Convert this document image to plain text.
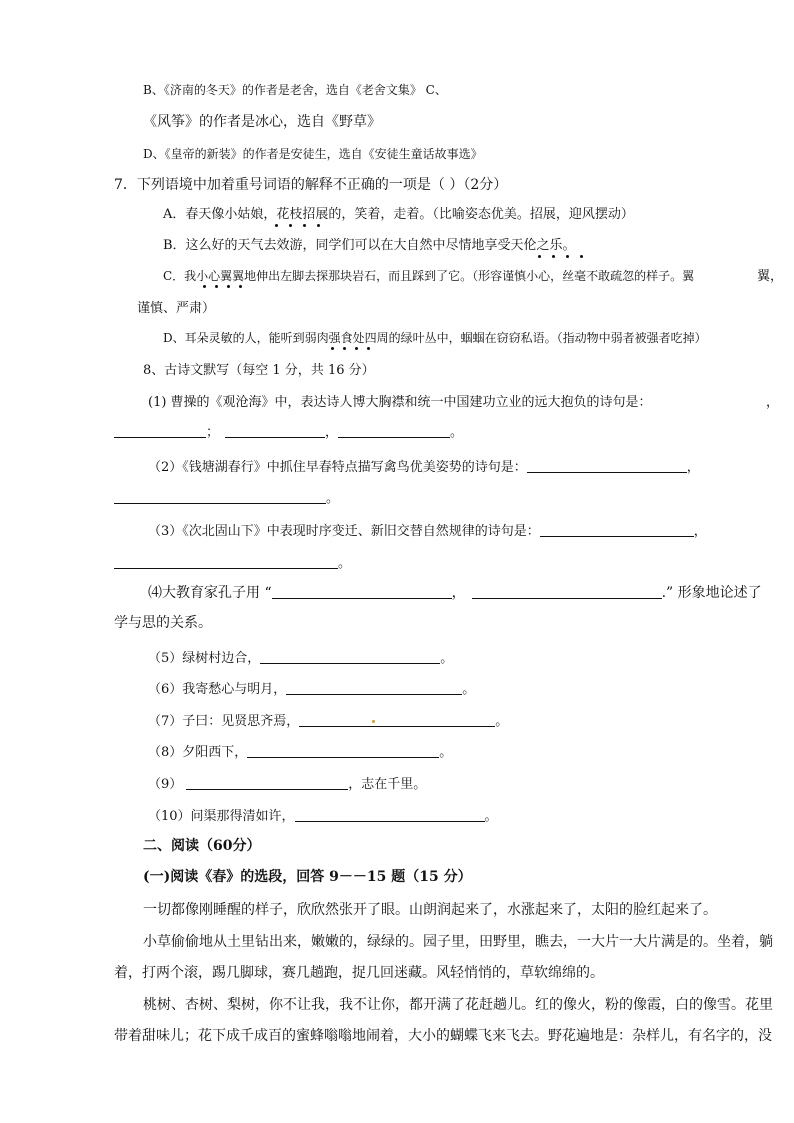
B、《济南的冬天》的作者是老舍，选自《老舍文集》 C、
《风筝》的作者是冰心，选自《野草》
D、《皇帝的新装》的作者是安徒生，选自《安徒生童话故事选》
7．下列语境中加着重号词语的解释不正确的一项是（ ）（2分）
A．春天像小姑娘，花枝招展的，笑着，走着。（比喻姿态优美。招展，迎风摆动）
B．这么好的天气去效游，同学们可以在大自然中尽情地享受天伦之乐。
C．我小心翼翼地伸出左脚去探那块岩石，而且踩到了它。（形容谨慎小心，丝毫不敢疏忽的样子。翼	翼，
谨慎、严肃）
D、耳朵灵敏的人，能听到弱肉强食处四周的绿叶丛中，蝈蝈在窃窃私语。（指动物中弱者被强者吃掉）
8、古诗文默写（每空 1 分，共 16 分）
(1) 曹操的《观沧海》中，表达诗人博大胸襟和统一中国建功立业的远大抱负的诗句是：	，
；	，	。
（2）《钱塘湖春行》中抓住早春特点描写禽鸟优美姿势的诗句是：	，
。
（3）《次北固山下》中表现时序变迁、新旧交替自然规律的诗句是：	，
。
⑷大教育家孔子用 “	，	.” 形象地论述了
学与思的关系。
（5）绿树村边合，	。
（6）我寄愁心与明月，	。
（7）子曰：见贤思齐焉，	。
（8）夕阳西下，	。
（9）	，志在千里。
（10）问渠那得清如许，	。
二、阅读（60分）
(一)阅读《春》的选段，回答 9－－15 题（15 分）
一切都像刚睡醒的样子，欣欣然张开了眼。山朗润起来了，水涨起来了，太阳的脸红起来了。
小草偷偷地从土里钻出来，嫩嫩的，绿绿的。园子里，田野里，瞧去，一大片一大片满是的。坐着，躺
着，打两个滚，踢几脚球，赛几趟跑，捉几回迷藏。风轻悄悄的，草软绵绵的。
桃树、杏树、梨树，你不让我，我不让你，都开满了花赶趟儿。红的像火，粉的像霞，白的像雪。花里
带着甜味儿；花下成千成百的蜜蜂嗡嗡地闹着，大小的蝴蝶飞来飞去。野花遍地是：杂样儿，有名字的，没
